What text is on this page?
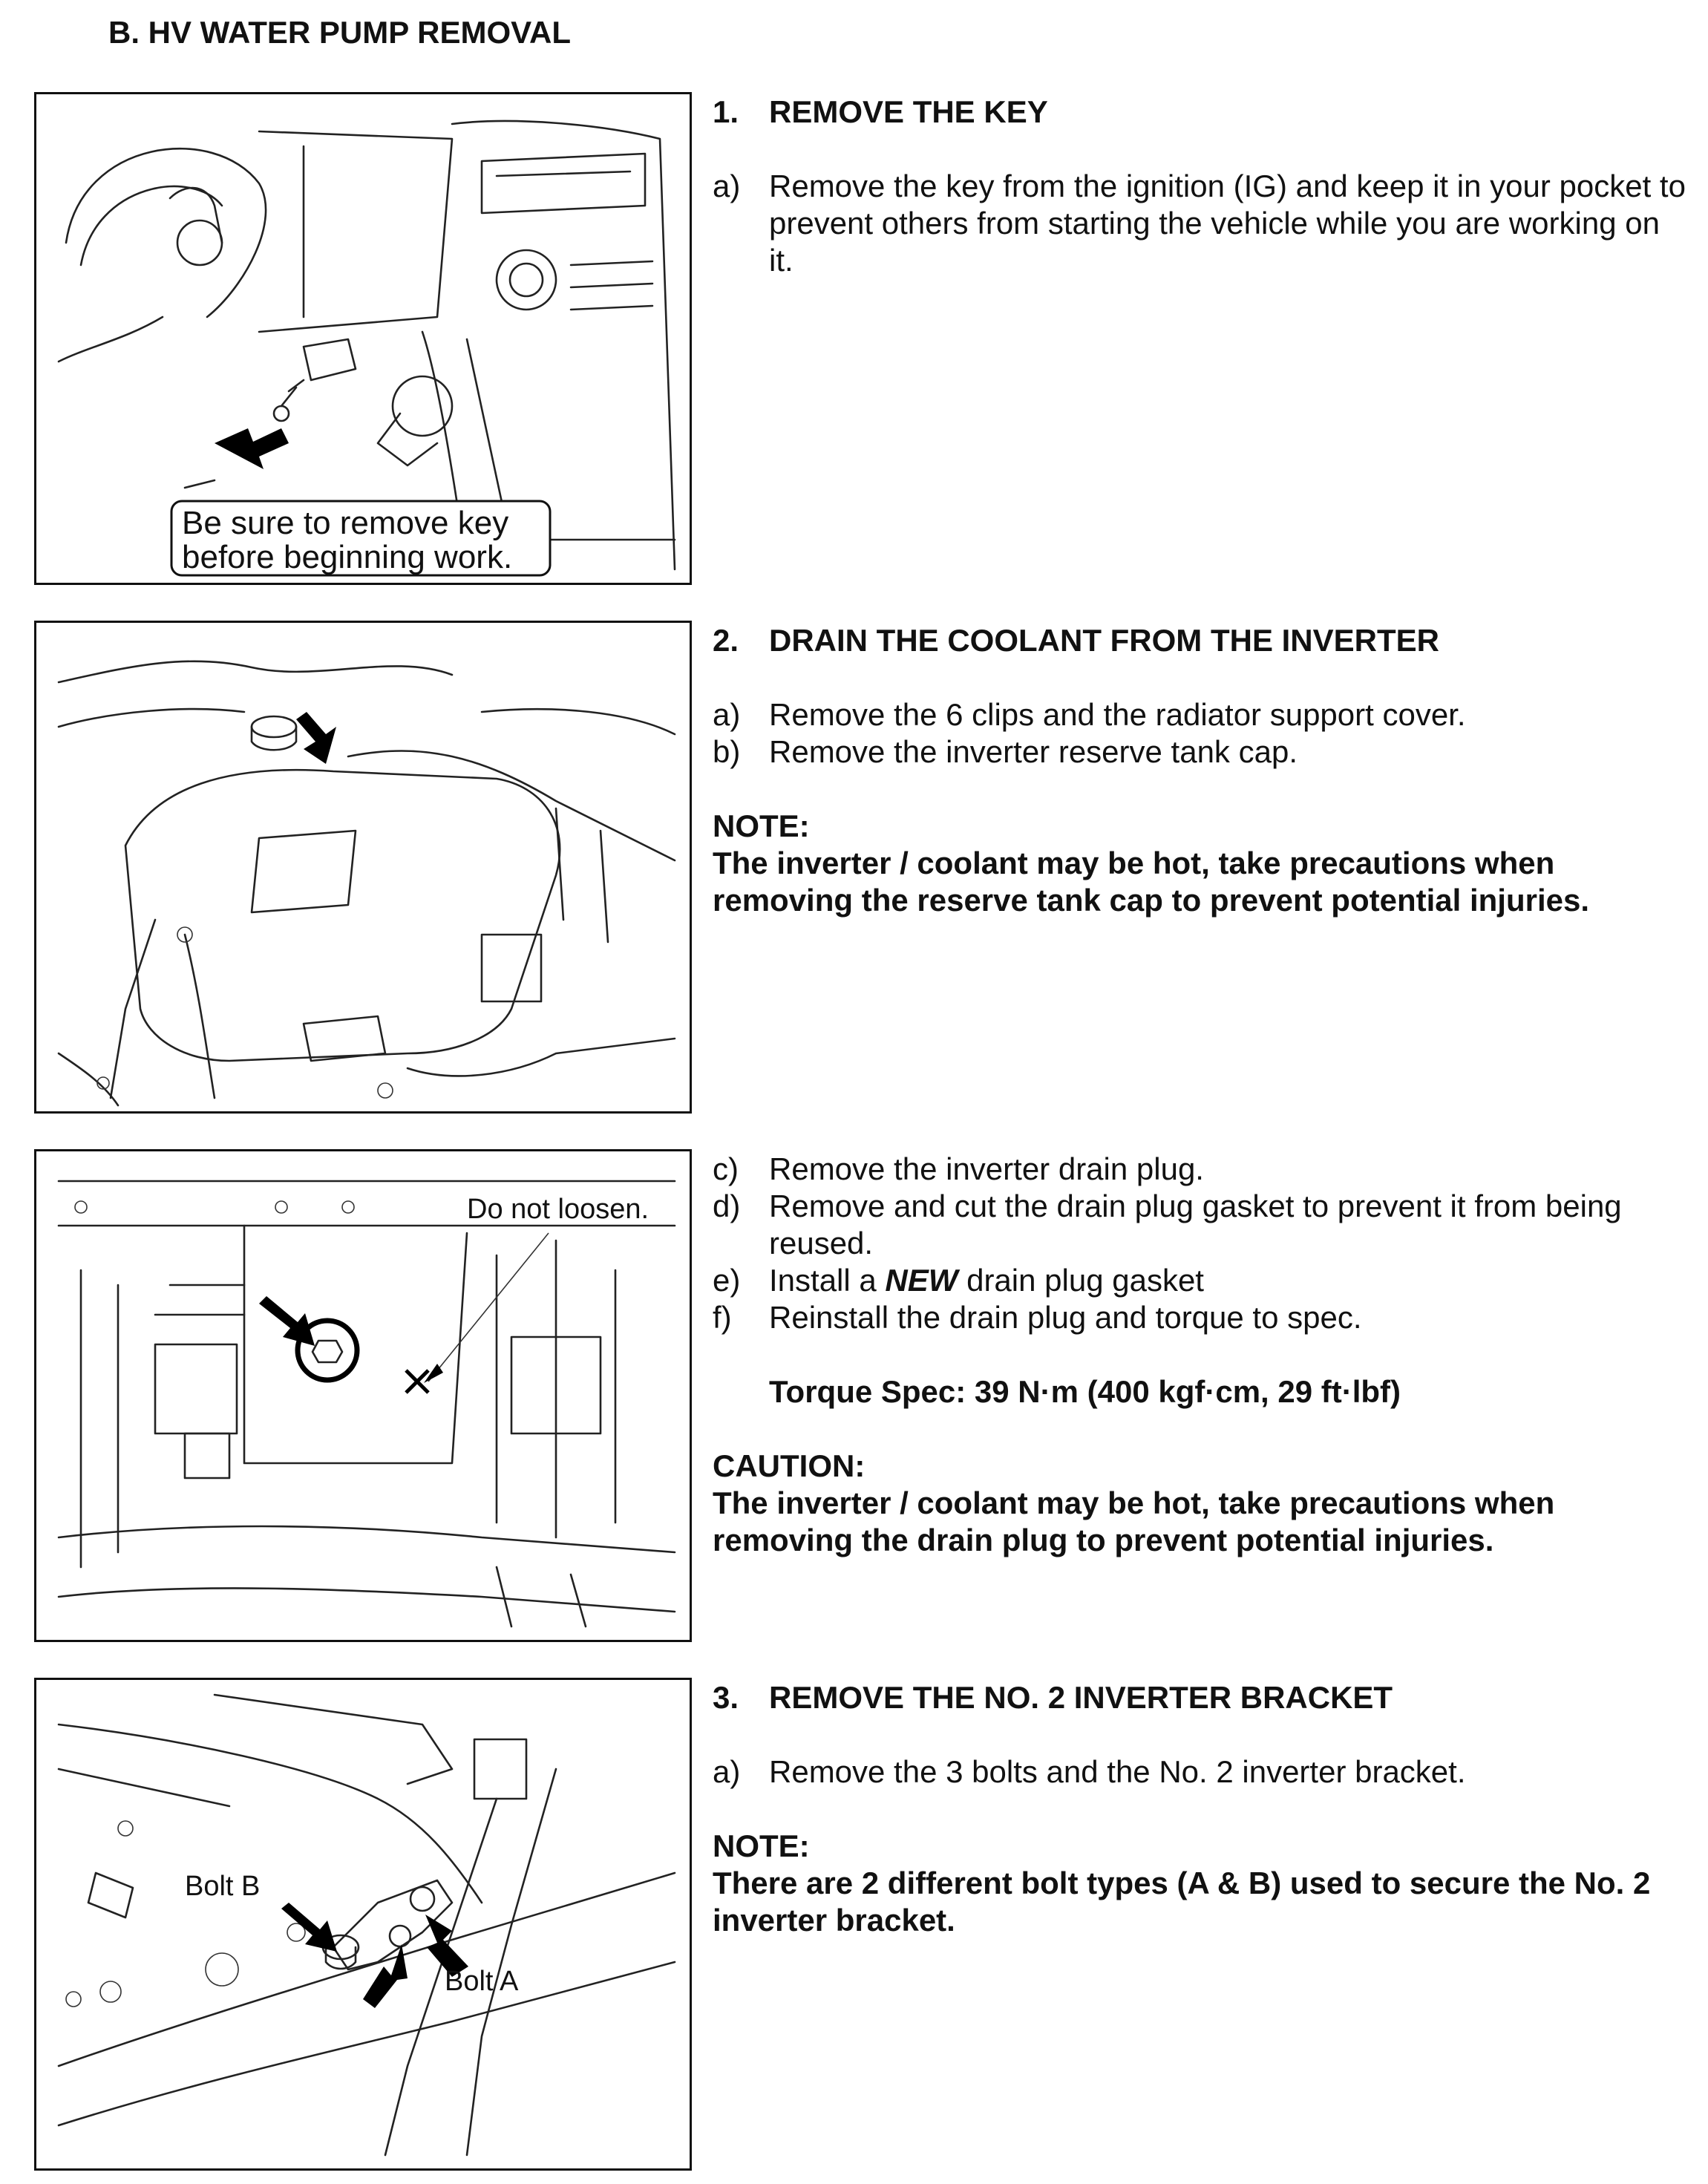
B. HV WATER PUMP REMOVAL
Be sure to remove key
before beginning work.
Do not loosen.
Bolt B
Bolt A
1. REMOVE THE KEY
a) Remove the key from the ignition (IG) and keep it in your pocket to prevent others from starting the vehicle while you are working on it.
2. DRAIN THE COOLANT FROM THE INVERTER
a) Remove the 6 clips and the radiator support cover.
b) Remove the inverter reserve tank cap.
NOTE:
The inverter / coolant may be hot, take precautions when removing the reserve tank cap to prevent potential injuries.
c) Remove the inverter drain plug.
d) Remove and cut the drain plug gasket to prevent it from being reused.
e) Install a NEW drain plug gasket
f)	Reinstall the drain plug and torque to spec.
Torque Spec: 39 N·m (400 kgf·cm, 29 ft·lbf)
CAUTION:
The inverter / coolant may be hot, take precautions when removing the drain plug to prevent potential injuries.
3. REMOVE THE NO. 2 INVERTER BRACKET
a) Remove the 3 bolts and the No. 2 inverter bracket.
NOTE:
There are 2 different bolt types (A & B) used to secure the No. 2 inverter bracket.
